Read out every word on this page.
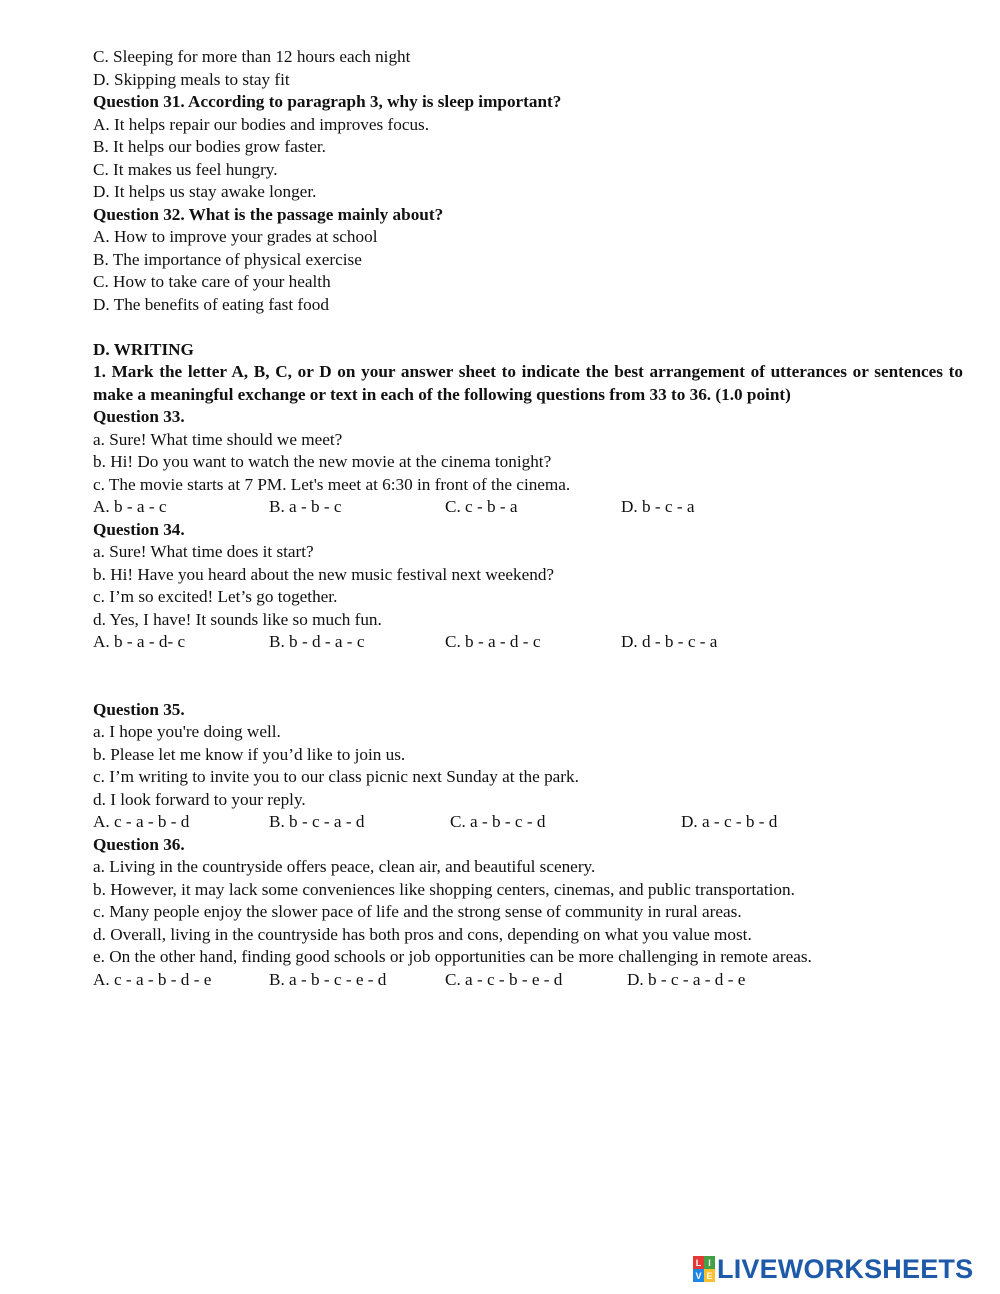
C. Sleeping for more than 12 hours each night
D. Skipping meals to stay fit
Question 31. According to paragraph 3, why is sleep important?
A. It helps repair our bodies and improves focus.
B. It helps our bodies grow faster.
C. It makes us feel hungry.
D. It helps us stay awake longer.
Question 32. What is the passage mainly about?
A. How to improve your grades at school
B. The importance of physical exercise
C. How to take care of your health
D. The benefits of eating fast food
D. WRITING
1. Mark the letter A, B, C, or D on your answer sheet to indicate the best arrangement of utterances or sentences to make a meaningful exchange or text in each of the following questions from 33 to 36. (1.0 point)
Question 33.
a. Sure! What time should we meet?
b. Hi! Do you want to watch the new movie at the cinema tonight?
c. The movie starts at 7 PM. Let's meet at 6:30 in front of the cinema.
A. b - a - c	B. a - b - c	C. c - b - a	D. b - c - a
Question 34.
a. Sure! What time does it start?
b. Hi! Have you heard about the new music festival next weekend?
c. I’m so excited! Let’s go together.
d. Yes, I have! It sounds like so much fun.
A. b - a - d- c	B. b - d - a - c	C. b - a - d - c	D. d - b - c - a
Question 35.
a. I hope you're doing well.
b. Please let me know if you’d like to join us.
c. I’m writing to invite you to our class picnic next Sunday at the park.
d. I look forward to your reply.
A. c - a - b - d	B. b - c - a - d	C. a - b - c - d	D. a - c - b - d
Question 36.
a. Living in the countryside offers peace, clean air, and beautiful scenery.
b. However, it may lack some conveniences like shopping centers, cinemas, and public transportation.
c. Many people enjoy the slower pace of life and the strong sense of community in rural areas.
d. Overall, living in the countryside has both pros and cons, depending on what you value most.
e. On the other hand, finding good schools or job opportunities can be more challenging in remote areas.
A. c - a - b - d - e	B. a - b - c - e - d	C. a - c - b - e - d	D. b - c - a - d - e
L I
V E LIVEWORKSHEETS
